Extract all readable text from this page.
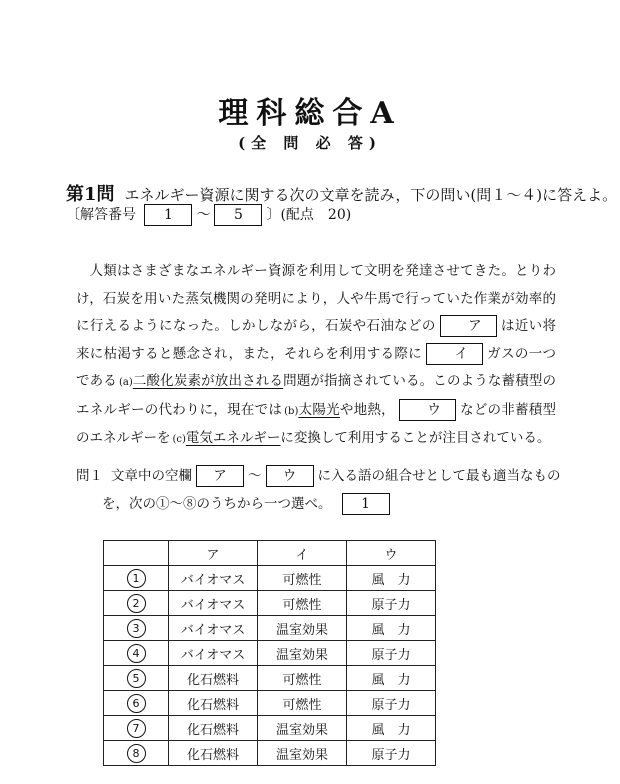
理科総合A
(全 問 必 答)
第1問 エネルギー資源に関する次の文章を読み，下の問い(問１～４)に答えよ。
〔解答番号 1 ～ 5 〕(配点　20)

人類はさまざまなエネルギー資源を利用して文明を発達させてきた。とりわけ，石炭を用いた蒸気機関の発明により，人や牛馬で行っていた作業が効率的に行えるようになった。しかしながら，石炭や石油などの ア は近い将来に枯渇すると懸念され，また，それらを利用する際に イ ガスの一つである (a)二酸化炭素が放出される問題が指摘されている。このような蓄積型のエネルギーの代わりに，現在では (b)太陽光や地熱， ウ などの非蓄積型のエネルギーを (c)電気エネルギーに変換して利用することが注目されている。

問１ 文章中の空欄 ア ～ ウ に入る語の組合せとして最も適当なもの
を，次の①～⑧のうちから一つ選べ。 1
	ア	イ	ウ
1	バイオマス	可燃性	風　力
2	バイオマス	可燃性	原子力
3	バイオマス	温室効果	風　力
4	バイオマス	温室効果	原子力
5	化石燃料	可燃性	風　力
6	化石燃料	可燃性	原子力
7	化石燃料	温室効果	風　力
8	化石燃料	温室効果	原子力
